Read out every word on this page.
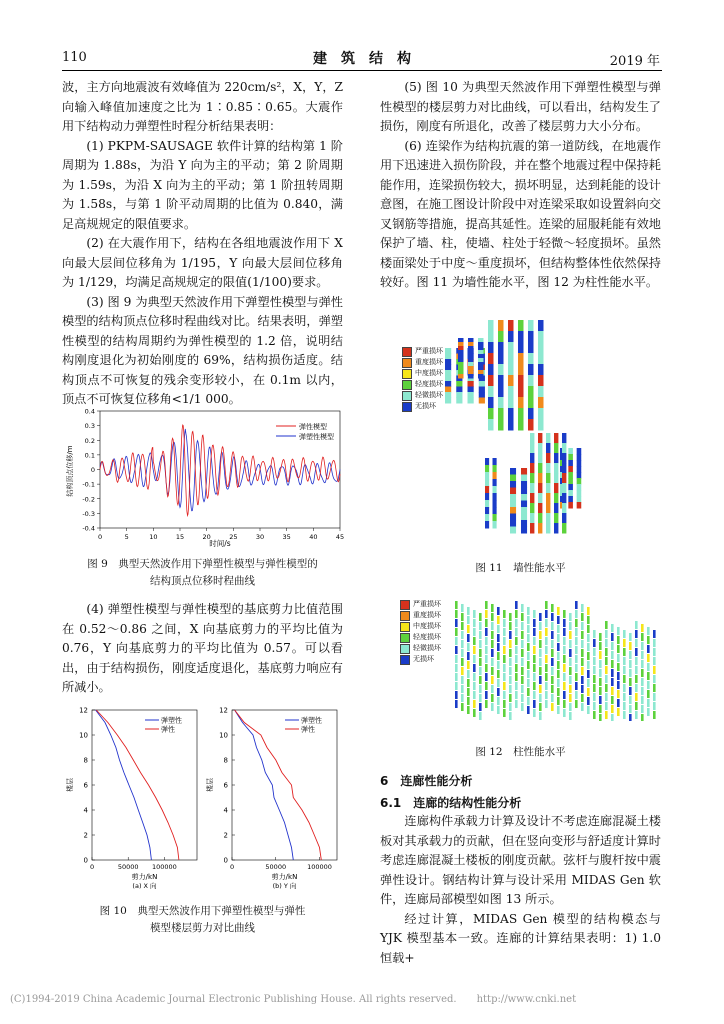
110	建　筑　结　构	2019 年

波，主方向地震波有效峰值为 220cm/s²，X，Y，Z 向输入峰值加速度之比为 1∶0.85∶0.65。大震作用下结构动力弹塑性时程分析结果表明：

(1) PKPM-SAUSAGE 软件计算的结构第 1 阶周期为 1.88s，为沿 Y 向为主的平动；第 2 阶周期为 1.59s，为沿 X 向为主的平动；第 1 阶扭转周期为 1.58s，与第 1 阶平动周期的比值为 0.840，满足高规规定的限值要求。

(2) 在大震作用下，结构在各组地震波作用下 X 向最大层间位移角为 1/195，Y 向最大层间位移角为 1/129，均满足高规规定的限值(1/100)要求。

(3) 图 9 为典型天然波作用下弹塑性模型与弹性模型的结构顶点位移时程曲线对比。结果表明，弹塑性模型的结构周期约为弹性模型的 1.2 倍，说明结构刚度退化为初始刚度的 69%，结构损伤适度。结构顶点不可恢复的残余变形较小，在 0.1m 以内，顶点不可恢复位移角<1/1 000。

0.4
0.3
0.2
0.1
0
-0.1
-0.2
-0.3
-0.4
0	5	10	15	20	25	30	35	40	45
弹性模型
弹塑性模型
结构顶点位移/m
时间/s
图 9　典型天然波作用下弹塑性模型与弹性模型的
结构顶点位移时程曲线

(4) 弹塑性模型与弹性模型的基底剪力比值范围在 0.52～0.86 之间，X 向基底剪力的平均比值为 0.76，Y 向基底剪力的平均比值为 0.57。可以看出，由于结构损伤，刚度适度退化，基底剪力响应有所减小。

0
2
4
6
8
10
12
0	50000 100000
弹塑性
弹性
剪力/kN
(a) X 向
楼层
0
2
4
6
8
10
12
0	50000	100000
弹塑性
弹性
剪力/kN
(b) Y 向
楼层
图 10　典型天然波作用下弹塑性模型与弹性
模型楼层剪力对比曲线

(5) 图 10 为典型天然波作用下弹塑性模型与弹性模型的楼层剪力对比曲线，可以看出，结构发生了损伤，刚度有所退化，改善了楼层剪力大小分布。

(6) 连梁作为结构抗震的第一道防线，在地震作用下迅速进入损伤阶段，并在整个地震过程中保持耗能作用，连梁损伤较大，损坏明显，达到耗能的设计意图，在施工图设计阶段中对连梁采取如设置斜向交叉钢筋等措施，提高其延性。连梁的屈服耗能有效地保护了墙、柱，使墙、柱处于轻微～轻度损坏。虽然楼面梁处于中度～重度损坏，但结构整体性依然保持较好。图 11 为墙性能水平，图 12 为柱性能水平。

严重损坏
重度损坏
中度损坏
轻度损坏
轻微损坏
无损坏
图 11　墙性能水平
严重损坏
重度损坏
中度损坏
轻度损坏
轻微损坏
无损坏
图 12　柱性能水平
6　连廊性能分析
6.1　连廊的结构性能分析

连廊构件承载力计算及设计不考虑连廊混凝土楼板对其承载力的贡献，但在竖向变形与舒适度计算时考虑连廊混凝土楼板的刚度贡献。弦杆与腹杆按中震弹性设计。钢结构计算与设计采用 MIDAS Gen 软件，连廊局部模型如图 13 所示。

经过计算，MIDAS Gen 模型的结构模态与 YJK 模型基本一致。连廊的计算结果表明：1) 1.0 恒载+

(C)1994-2019 China Academic Journal Electronic Publishing House. All rights reserved.　　http://www.cnki.net
